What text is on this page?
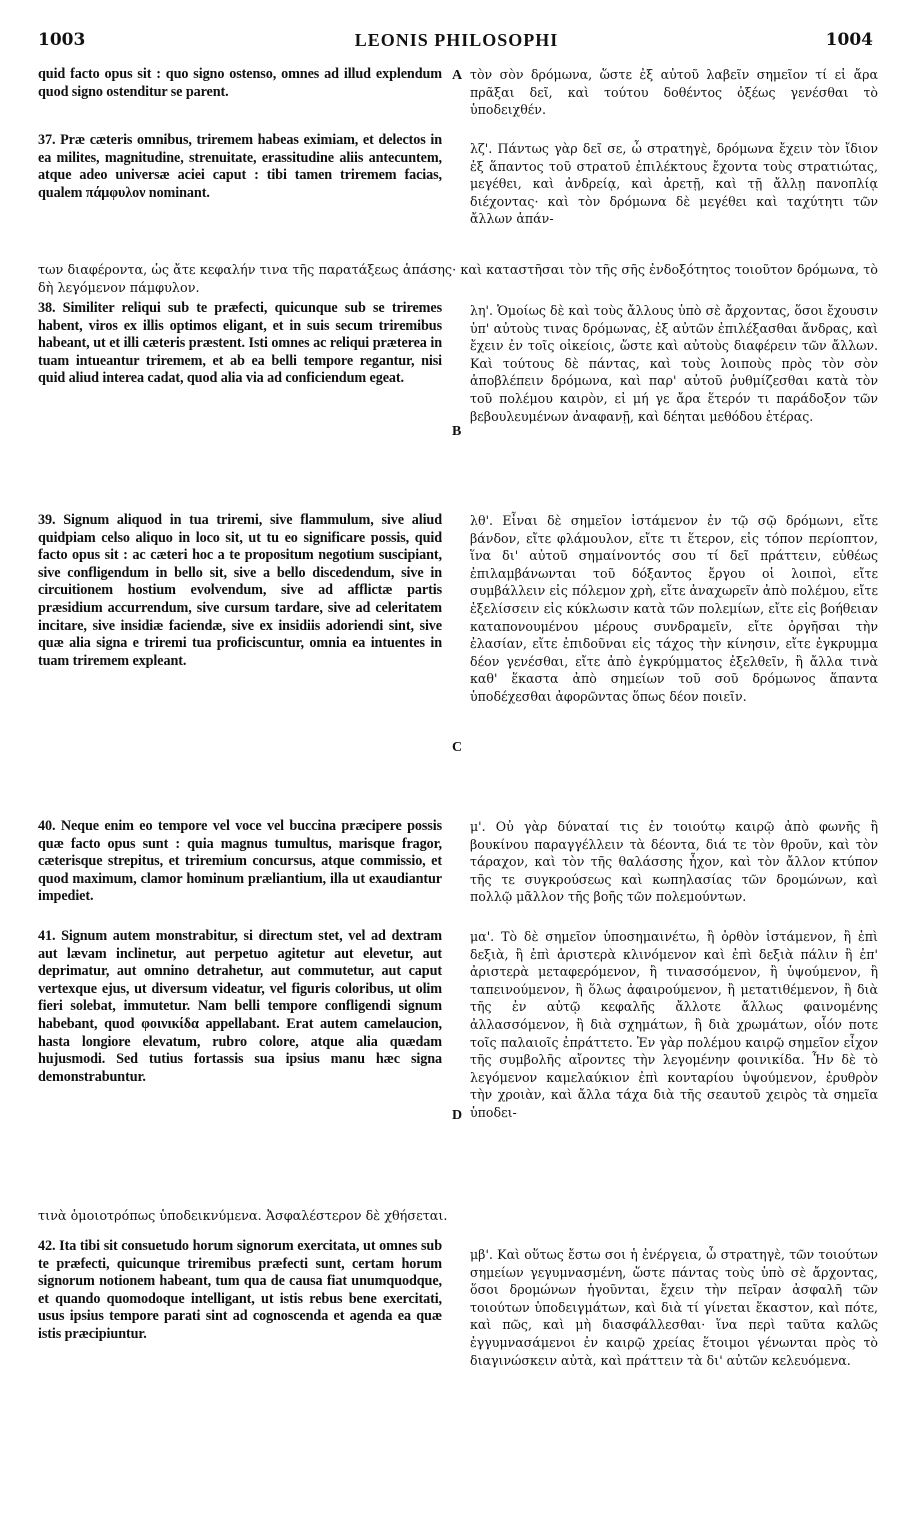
1003	LEONIS PHILOSOPHI	1004
A
B
C
D

quid facto opus sit : quo signo ostenso, omnes ad illud explendum quod signo ostenditur se parent.

37. Præ cæteris omnibus, triremem habeas eximiam, et delectos in ea milites, magnitudine, strenuitate, erassitudine aliis antecuntem, atque adeo universæ aciei caput : tibi tamen triremem facias, qualem πάμφυλον nominant.

38. Similiter reliqui sub te præfecti, quicunque sub se triremes habent, viros ex illis optimos eligant, et in suis secum triremibus habeant, ut et illi cæteris præstent. Isti omnes ac reliqui præterea in tuam intueantur triremem, et ab ea belli tempore regantur, nisi quid aliud interea cadat, quod alia via ad conficiendum egeat.

39. Signum aliquod in tua triremi, sive flammulum, sive aliud quidpiam celso aliquo in loco sit, ut tu eo significare possis, quid facto opus sit : ac cæteri hoc a te propositum negotium suscipiant, sive confligendum in bello sit, sive a bello discedendum, sive in circuitionem hostium evolvendum, sive ad afflictæ partis præsidium accurrendum, sive cursum tardare, sive ad celeritatem incitare, sive insidiæ faciendæ, sive ex insidiis adoriendi sint, sive quæ alia signa e triremi tua proficiscuntur, omnia ea intuentes in tuam triremem expleant.

40. Neque enim eo tempore vel voce vel buccina præcipere possis quæ facto opus sunt : quia magnus tumultus, marisque fragor, cæterisque strepitus, et triremium concursus, atque commissio, et quod maximum, clamor hominum præliantium, illa ut exaudiantur impediet.

41. Signum autem monstrabitur, si directum stet, vel ad dextram aut lævam inclinetur, aut perpetuo agitetur aut elevetur, aut deprimatur, aut omnino detrahetur, aut commutetur, aut caput vertexque ejus, ut diversum videatur, vel figuris coloribus, ut olim fieri solebat, immutetur. Nam belli tempore confligendi signum habebant, quod φοινικίδα appellabant. Erat autem camelaucion, hasta longiore elevatum, rubro colore, atque alia quædam hujusmodi. Sed tutius fortassis sua ipsius manu hæc signa demonstrabuntur.

42. Ita tibi sit consuetudo horum signorum exercitata, ut omnes sub te præfecti, quicunque triremibus præfecti sunt, certam horum signorum notionem habeant, tum qua de causa fiat unumquodque, et quando quomodoque intelligant, ut istis rebus bene exercitati, usus ipsius tempore parati sint ad cognoscenda et agenda ea quæ istis præcipiuntur.

τὸν σὸν δρόμωνα, ὥστε ἐξ αὐτοῦ λαβεῖν σημεῖον τί εἰ ἄρα πρᾶξαι δεῖ, καὶ τούτου δοθέντος ὀξέως γενέσθαι τὸ ὑποδειχθέν.

λζ'. Πάντως γὰρ δεῖ σε, ὦ στρατηγὲ, δρόμωνα ἔχειν τὸν ἴδιον ἐξ ἅπαντος τοῦ στρατοῦ ἐπιλέκτους ἔχοντα τοὺς στρατιώτας, μεγέθει, καὶ ἀνδρείᾳ, καὶ ἀρετῇ, καὶ τῇ ἄλλῃ πανοπλίᾳ διέχοντας· καὶ τὸν δρόμωνα δὲ μεγέθει καὶ ταχύτητι τῶν ἄλλων ἀπάν-

λη'. Ὁμοίως δὲ καὶ τοὺς ἄλλους ὑπὸ σὲ ἄρχοντας, ὅσοι ἔχουσιν ὑπ' αὐτοὺς τινας δρόμωνας, ἐξ αὐτῶν ἐπιλέξασθαι ἄνδρας, καὶ ἔχειν ἐν τοῖς οἰκείοις, ὥστε καὶ αὐτοὺς διαφέρειν τῶν ἄλλων. Καὶ τούτους δὲ πάντας, καὶ τοὺς λοιποὺς πρὸς τὸν σὸν ἀποβλέπειν δρόμωνα, καὶ παρ' αὐτοῦ ῥυθμίζεσθαι κατὰ τὸν τοῦ πολέμου καιρὸν, εἰ μή γε ἄρα ἕτερόν τι παράδοξον τῶν βεβουλευμένων ἀναφανῇ, καὶ δέηται μεθόδου ἑτέρας.

λθ'. Εἶναι δὲ σημεῖον ἱστάμενον ἐν τῷ σῷ δρόμωνι, εἴτε βάνδον, εἴτε φλάμουλον, εἴτε τι ἕτερον, εἰς τόπον περίοπτον, ἵνα δι' αὐτοῦ σημαίνοντός σου τί δεῖ πράττειν, εὐθέως ἐπιλαμβάνωνται τοῦ δόξαντος ἔργου οἱ λοιποὶ, εἴτε συμβάλλειν εἰς πόλεμον χρὴ, εἴτε ἀναχωρεῖν ἀπὸ πολέμου, εἴτε ἐξελίσσειν εἰς κύκλωσιν κατὰ τῶν πολεμίων, εἴτε εἰς βοήθειαν καταπονουμένου μέρους συνδραμεῖν, εἴτε ὀργῆσαι τὴν ἐλασίαν, εἴτε ἐπιδοῦναι εἰς τάχος τὴν κίνησιν, εἴτε ἐγκρυμμα δέον γενέσθαι, εἴτε ἀπὸ ἐγκρύμματος ἐξελθεῖν, ἢ ἄλλα τινὰ καθ' ἕκαστα ἀπὸ σημείων τοῦ σοῦ δρόμωνος ἅπαντα ὑποδέχεσθαι ἀφορῶντας ὅπως δέον ποιεῖν.

μ'. Οὐ γὰρ δύναταί τις ἐν τοιούτῳ καιρῷ ἀπὸ φωνῆς ἢ βουκίνου παραγγέλλειν τὰ δέοντα, διά τε τὸν θρoῦν, καὶ τὸν τάραχον, καὶ τὸν τῆς θαλάσσης ἦχον, καὶ τὸν ἄλλον κτύπον τῆς τε συγκρούσεως καὶ κωπηλασίας τῶν δρομώνων, καὶ πολλῷ μᾶλλον τῆς βοῆς τῶν πολεμούντων.

μα'. Τὸ δὲ σημεῖον ὑποσημαινέτω, ἢ ὀρθὸν ἱστάμενον, ἢ ἐπὶ δεξιὰ, ἢ ἐπὶ ἀριστερὰ κλινόμενον καὶ ἐπὶ δεξιὰ πάλιν ἢ ἐπ' ἀριστερὰ μεταφερόμενον, ἢ τινασσόμενον, ἢ ὑψούμενον, ἢ ταπεινούμενον, ἢ ὅλως ἀφαιρούμενον, ἢ μετατιθέμενον, ἢ διὰ τῆς ἐν αὐτῷ κεφαλῆς ἄλλοτε ἄλλως φαινομένης ἀλλασσόμενον, ἢ διὰ σχημάτων, ἢ διὰ χρωμάτων, οἷόν ποτε τοῖς παλαιοῖς ἐπράττετο. Ἐν γὰρ πολέμου καιρῷ σημεῖον εἶχον τῆς συμβολῆς αἴροντες τὴν λεγομένην φοινικίδα. Ἦν δὲ τὸ λεγόμενον καμελαύκιον ἐπὶ κονταρίου ὑψούμενον, ἐρυθρὸν τὴν χροιὰν, καὶ ἄλλα τάχα διὰ τῆς σεαυτοῦ χειρὸς τὰ σημεῖα ὑποδει-

μβ'. Καὶ οὕτως ἔστω σοι ἡ ἐνέργεια, ὦ στρατηγὲ, τῶν τοιούτων σημείων γεγυμνασμένη, ὥστε πάντας τοὺς ὑπὸ σὲ ἄρχοντας, ὅσοι δρομώνων ἡγοῦνται, ἔχειν τὴν πεῖραν ἀσφαλῆ τῶν τοιούτων ὑποδειγμάτων, καὶ διὰ τί γίνεται ἕκαστον, καὶ πότε, καὶ πῶς, καὶ μὴ διασφάλλεσθαι· ἵνα περὶ ταῦτα καλῶς ἐγγυμνασάμενοι ἐν καιρῷ χρείας ἕτοιμοι γένωνται πρὸς τὸ διαγινώσκειν αὐτὰ, καὶ πράττειν τὰ δι' αὐτῶν κελευόμενα.

των διαφέροντα, ὡς ἄτε κεφαλήν τινα τῆς παρατάξεως ἁπάσης· καὶ καταστῆσαι τὸν τῆς σῆς ἐνδοξότητος τοιοῦτον δρόμωνα, τὸ δὴ λεγόμενον πάμφυλον.
τινὰ ὁμοιοτρόπως ὑποδεικνύμενα. Ἀσφαλέστερον δὲ χθήσεται.
